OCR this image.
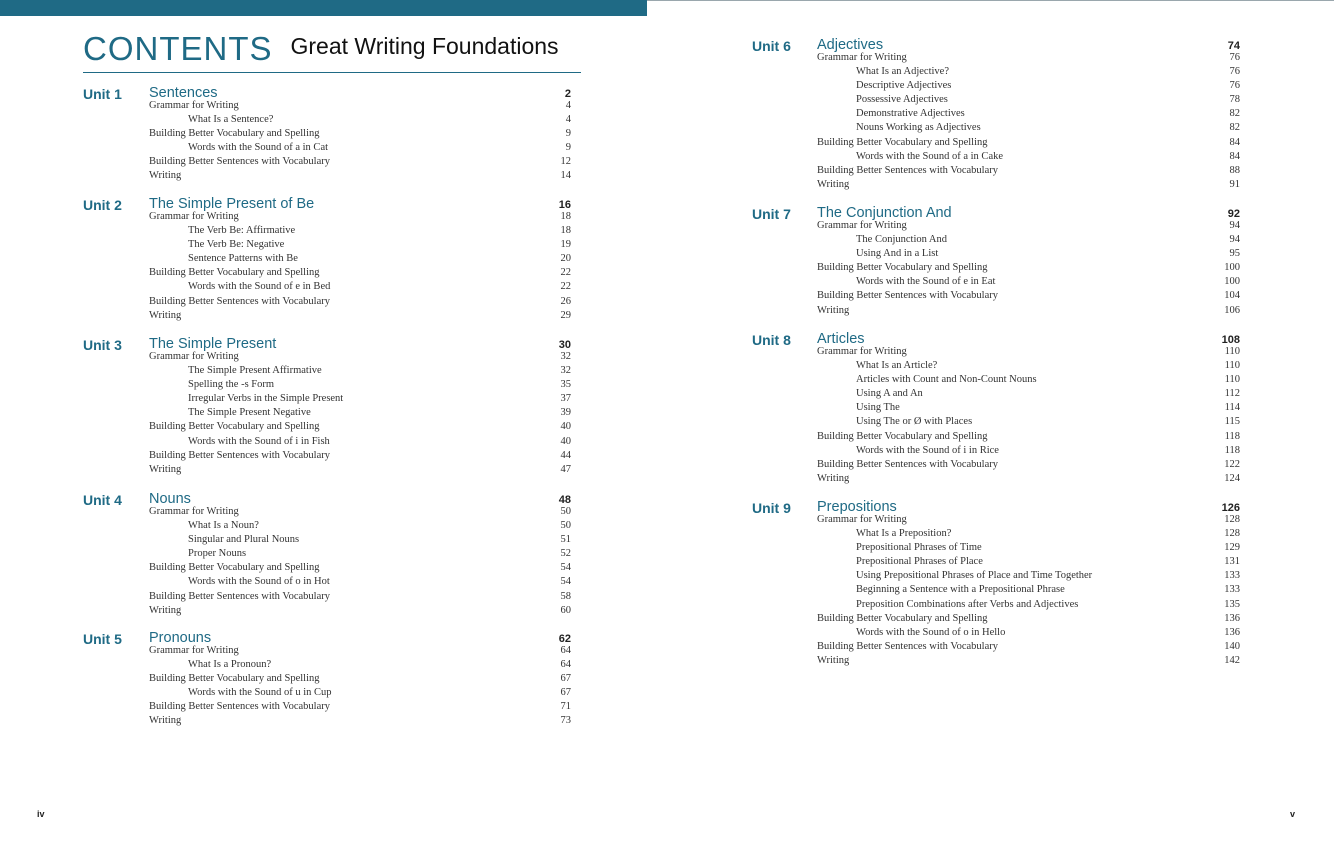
CONTENTS Great Writing Foundations
Unit 1 Sentences	2
Grammar for Writing	4
What Is a Sentence?	4
Building Better Vocabulary and Spelling	9
Words with the Sound of a in Cat	9
Building Better Sentences with Vocabulary	12
Writing	14
Unit 2 The Simple Present of Be	16
Grammar for Writing	18
The Verb Be: Affirmative	18
The Verb Be: Negative	19
Sentence Patterns with Be	20
Building Better Vocabulary and Spelling	22
Words with the Sound of e in Bed	22
Building Better Sentences with Vocabulary	26
Writing	29
Unit 3 The Simple Present	30
Grammar for Writing	32
The Simple Present Affirmative	32
Spelling the -s Form	35
Irregular Verbs in the Simple Present	37
The Simple Present Negative	39
Building Better Vocabulary and Spelling	40
Words with the Sound of i in Fish	40
Building Better Sentences with Vocabulary	44
Writing	47
Unit 4 Nouns	48
Grammar for Writing	50
What Is a Noun?	50
Singular and Plural Nouns	51
Proper Nouns	52
Building Better Vocabulary and Spelling	54
Words with the Sound of o in Hot	54
Building Better Sentences with Vocabulary	58
Writing	60
Unit 5 Pronouns	62
Grammar for Writing	64
What Is a Pronoun?	64
Building Better Vocabulary and Spelling	67
Words with the Sound of u in Cup	67
Building Better Sentences with Vocabulary	71
Writing	73
Unit 6 Adjectives	74
Grammar for Writing	76
What Is an Adjective?	76
Descriptive Adjectives	76
Possessive Adjectives	78
Demonstrative Adjectives	82
Nouns Working as Adjectives	82
Building Better Vocabulary and Spelling	84
Words with the Sound of a in Cake	84
Building Better Sentences with Vocabulary	88
Writing	91
Unit 7 The Conjunction And	92
Grammar for Writing	94
The Conjunction And	94
Using And in a List	95
Building Better Vocabulary and Spelling	100
Words with the Sound of e in Eat	100
Building Better Sentences with Vocabulary	104
Writing	106
Unit 8 Articles	108
Grammar for Writing	110
What Is an Article?	110
Articles with Count and Non-Count Nouns	110
Using A and An	112
Using The	114
Using The or Ø with Places	115
Building Better Vocabulary and Spelling	118
Words with the Sound of i in Rice	118
Building Better Sentences with Vocabulary	122
Writing	124
Unit 9 Prepositions	126
Grammar for Writing	128
What Is a Preposition?	128
Prepositional Phrases of Time	129
Prepositional Phrases of Place	131
Using Prepositional Phrases of Place and Time Together	133
Beginning a Sentence with a Prepositional Phrase	133
Preposition Combinations after Verbs and Adjectives	135
Building Better Vocabulary and Spelling	136
Words with the Sound of o in Hello	136
Building Better Sentences with Vocabulary	140
Writing	142
iv	v
